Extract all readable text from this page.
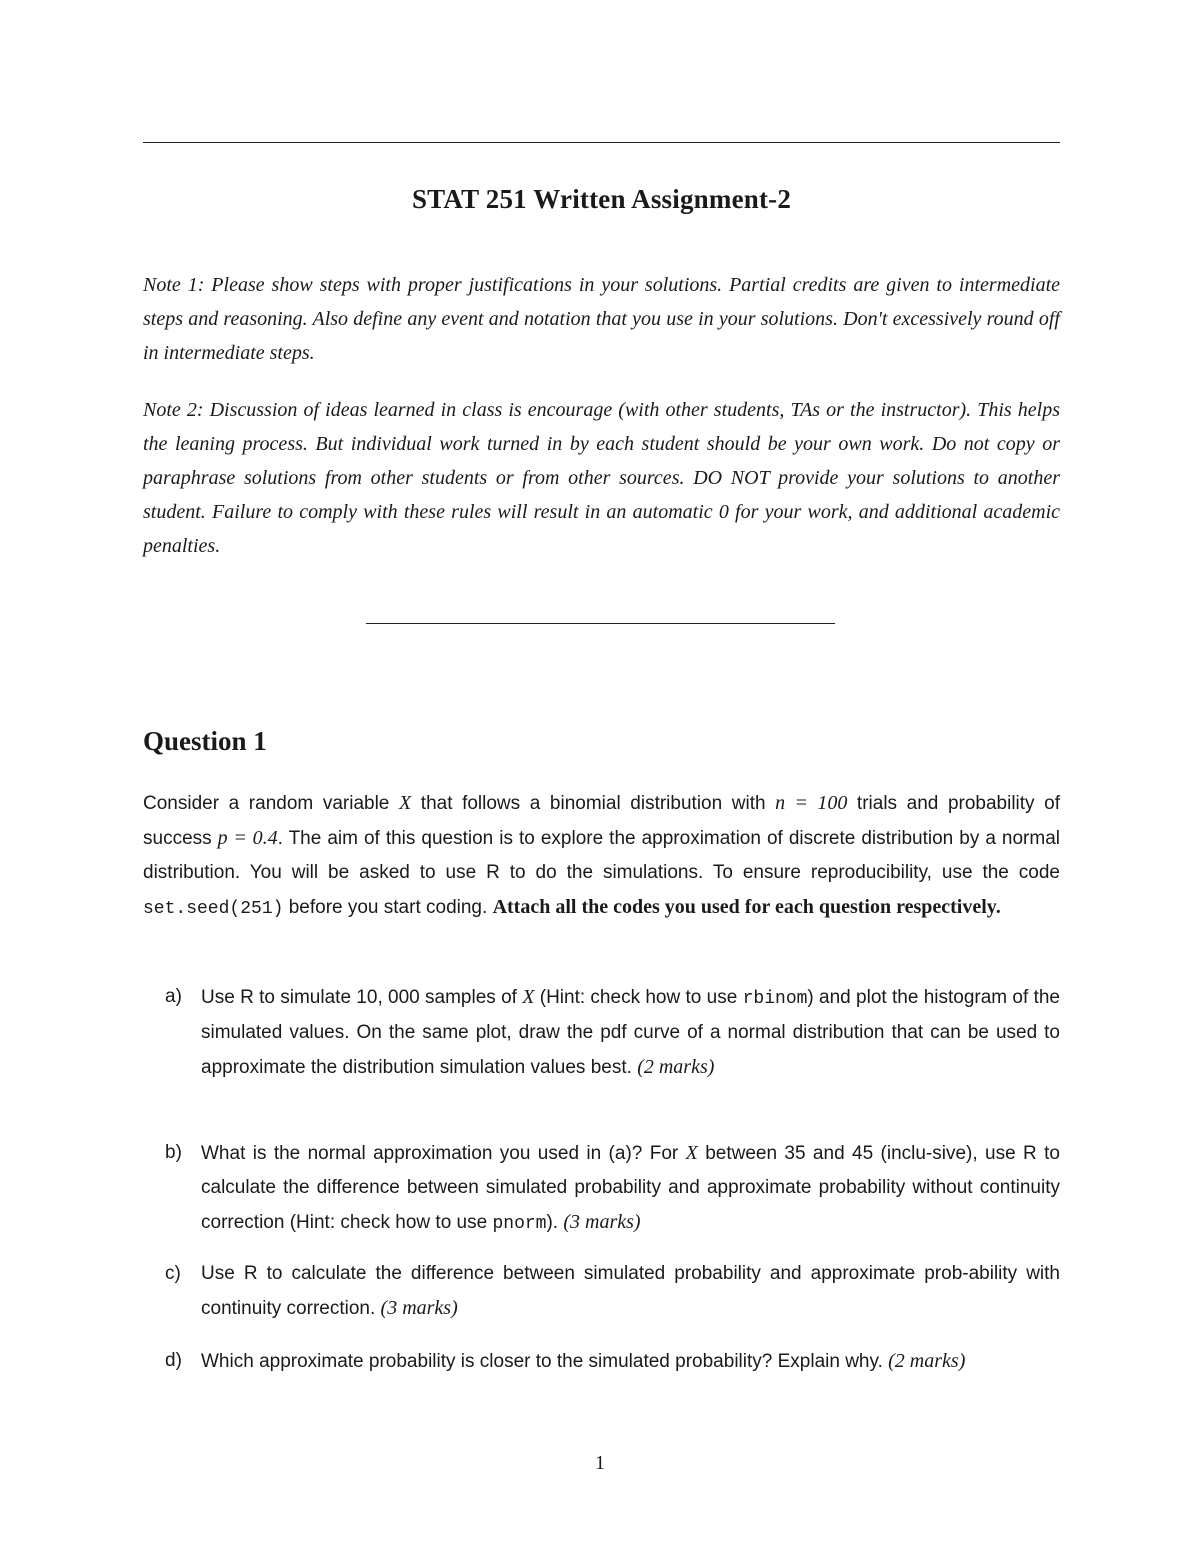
STAT 251 Written Assignment-2
Note 1: Please show steps with proper justifications in your solutions. Partial credits are given to intermediate steps and reasoning. Also define any event and notation that you use in your solutions. Don't excessively round off in intermediate steps.
Note 2: Discussion of ideas learned in class is encourage (with other students, TAs or the instructor). This helps the leaning process. But individual work turned in by each student should be your own work. Do not copy or paraphrase solutions from other students or from other sources. DO NOT provide your solutions to another student. Failure to comply with these rules will result in an automatic 0 for your work, and additional academic penalties.
Question 1
Consider a random variable X that follows a binomial distribution with n = 100 trials and probability of success p = 0.4. The aim of this question is to explore the approximation of discrete distribution by a normal distribution. You will be asked to use R to do the simulations. To ensure reproducibility, use the code set.seed(251) before you start coding. Attach all the codes you used for each question respectively.
a)	Use R to simulate 10, 000 samples of X (Hint: check how to use rbinom) and plot the histogram of the simulated values. On the same plot, draw the pdf curve of a normal distribution that can be used to approximate the distribution simulation values best. (2 marks)
b)	What is the normal approximation you used in (a)? For X between 35 and 45 (inclu-sive), use R to calculate the difference between simulated probability and approximate probability without continuity correction (Hint: check how to use pnorm). (3 marks)
c)	Use R to calculate the difference between simulated probability and approximate prob-ability with continuity correction. (3 marks)
d)	Which approximate probability is closer to the simulated probability? Explain why. (2 marks)
1
